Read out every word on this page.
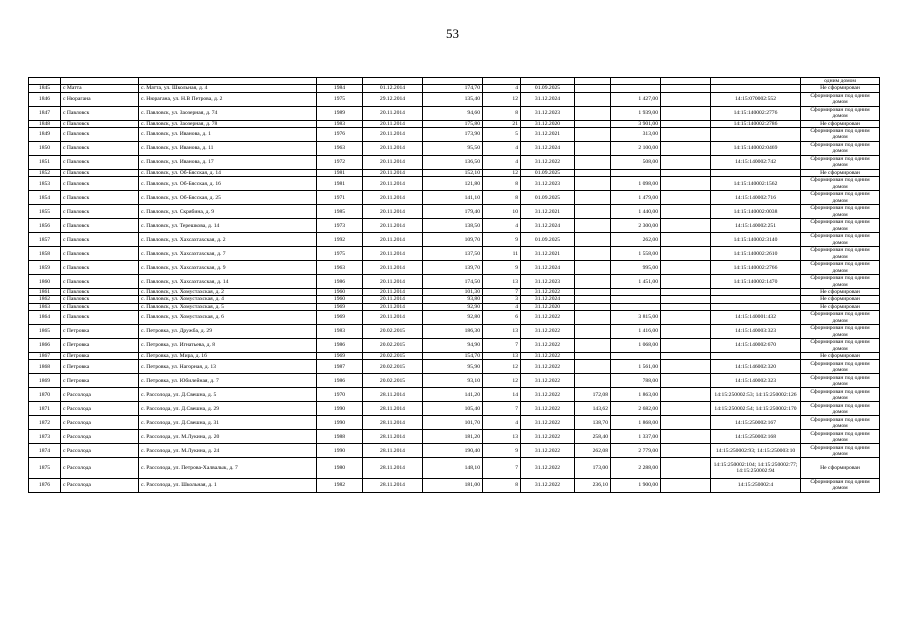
53
												одним домом
1845	с Матта	с. Матта, ул. Школьная, д. 4	1984	01.12.2014	174,70	4	01.09.2025					Не сформирован
1846	с Нюрагана	с. Нюрагана, ул. Н.В Петрова, д. 2	1975	29.12.2014	135,40	12	31.12.2024		1 427,00		14:15:070002:552	Сформирован под одним домом
1847	с Павловск	с. Павловск, ул. Заозерная, д. 74	1989	20.11.2014	94,60	8	31.12.2023		1 939,00		14:15:140002:2776	Сформирован под одним домом
1848	с Павловск	с. Павловск, ул. Заозерная, д. 78	1983	20.11.2014	175,80	21	31.12.2020		3 901,00		14:15:140002:2786	Не сформирован
1849	с Павловск	с. Павловск, ул. Иванова, д. 1	1976	20.11.2014	173,90	5	31.12.2021		313,00			Сформирован под одним домом
1850	с Павловск	с. Павловск, ул. Иванова, д. 11	1963	20.11.2014	95,50	4	31.12.2024		2 100,00		14:15:140002:0469	Сформирован под одним домом
1851	с Павловск	с. Павловск, ул. Иванова, д. 17	1972	20.11.2014	136,50	4	31.12.2022		508,00		14:15:140002:742	Сформирован под одним домом
1852	с Павловск	с. Павловск, ул. Об-Бясская, д. 14	1981	20.11.2014	152,10	12	01.09.2025					Не сформирован
1853	с Павловск	с. Павловск, ул. Об-Бясская, д. 16	1981	20.11.2014	121,80	8	31.12.2023		1 098,00		14:15:140002:1562	Сформирован под одним домом
1854	с Павловск	с. Павловск, ул. Об-Бясская, д. 25	1971	20.11.2014	141,10	8	01.09.2025		1 479,00		14:15:140002:716	Сформирован под одним домом
1855	с Павловск	с. Павловск, ул. Скрябина, д. 9	1985	20.11.2014	179,40	10	31.12.2021		1 440,00		14:15:140002:0038	Сформирован под одним домом
1856	с Павловск	с. Павловск, ул. Терешкова, д. 14	1973	20.11.2014	138,50	4	31.12.2024		2 300,00		14:15:140002:251	Сформирован под одним домом
1857	с Павловск	с. Павловск, ул. Хахсахтахская, д. 2	1992	20.11.2014	109,70	9	01.09.2025		262,00		14:15:140002:3140	Сформирован под одним домом
1858	с Павловск	с. Павловск, ул. Хахсахтахская, д. 7	1975	20.11.2014	137,50	11	31.12.2021		1 558,00		14:15:140002:2610	Сформирован под одним домом
1859	с Павловск	с. Павловск, ул. Хахсахтахская, д. 9	1963	20.11.2014	139,70	9	31.12.2024		995,00		14:15:140002:2766	Сформирован под одним домом
1860	с Павловск	с. Павловск, ул. Хахсахтахская, д. 14	1986	20.11.2014	174,50	13	31.12.2023		1 451,00		14:15:140002:1470	Сформирован под одним домом
1861	с Павловск	с. Павловск, ул. Хомустахская, д. 2	1960	20.11.2014	101,30	7	31.12.2022					Не сформирован
1862	с Павловск	с. Павловск, ул. Хомустахская, д. 4	1960	20.11.2014	93,80	3	31.12.2024					Не сформирован
1863	с Павловск	с. Павловск, ул. Хомустахская, д. 5	1969	20.11.2014	92,90	4	31.12.2020					Не сформирован
1864	с Павловск	с. Павловск, ул. Хомустахская, д. 6	1969	20.11.2014	92,80	6	31.12.2022		3 815,00		14:15:140001:432	Сформирован под одним домом
1865	с Петровка	с. Петровка, ул. Дружба, д. 29	1983	20.02.2015	186,30	13	31.12.2022		1 416,00		14:15:140003:323	Сформирован под одним домом
1866	с Петровка	с. Петровка, ул. Игнатьева, д. 8	1986	20.02.2015	94,90	7	31.12.2022		1 068,00		14:15:140002:670	Сформирован под одним домом
1867	с Петровка	с. Петровка, ул. Мира, д. 16	1969	20.02.2015	154,70	13	31.12.2022					Не сформирован
1868	с Петровка	с. Петровка, ул. Нагорная, д. 13	1987	20.02.2015	95,90	12	31.12.2022		1 561,00		14:15:146002:320	Сформирован под одним домом
1869	с Петровка	с. Петровка, ул. Юбилейная, д. 7	1986	20.02.2015	93,10	12	31.12.2022		788,00		14:15:140002:323	Сформирован под одним домом
1870	с Рассолода	с. Рассолода, ул. Д.Свешна, д. 5	1970	28.11.2014	141,20	14	31.12.2022	172,08	1 863,00		14:15:250002:53; 14:15:250002:126	Сформирован под одним домом
1871	с Рассолода	с. Рассолода, ул. Д.Свешна, д. 29	1990	28.11.2014	105,40	7	31.12.2022	143,62	2 682,00		14:15:250002:54; 14:15:250002:170	Сформирован под одним домом
1872	с Рассолода	с. Рассолода, ул. Д.Свешна, д. 31	1990	28.11.2014	101,70	4	31.12.2022	138,70	1 868,00		14:15:250002:167	Сформирован под одним домом
1873	с Рассолода	с. Рассолода, ул. М.Лукина, д. 20	1988	28.11.2014	181,20	13	31.12.2022	258,40	1 337,00		14:15:250002:168	Сформирован под одним домом
1874	с Рассолода	с. Рассолода, ул. М.Лукина, д. 24	1990	28.11.2014	190,40	9	31.12.2022	262,08	2 779,00		14:15:250002:93; 14:15:250003:10	Сформирован под одним домом
1875	с Рассолода	с. Рассолода, ул. Петрова-Халвалык, д. 7	1980	28.11.2014	148,10	7	31.12.2022	173,00	2 288,00		14:15:250002:104; 14:15:250002:77; 14:15:250002:94	Не сформирован
1876	с Рассолода	с. Рассолода, ул. Школьная, д. 1	1982	28.11.2014	181,00	8	31.12.2022	236,10	1 900,00		14:15:250002:4	Сформирован под одним домом
